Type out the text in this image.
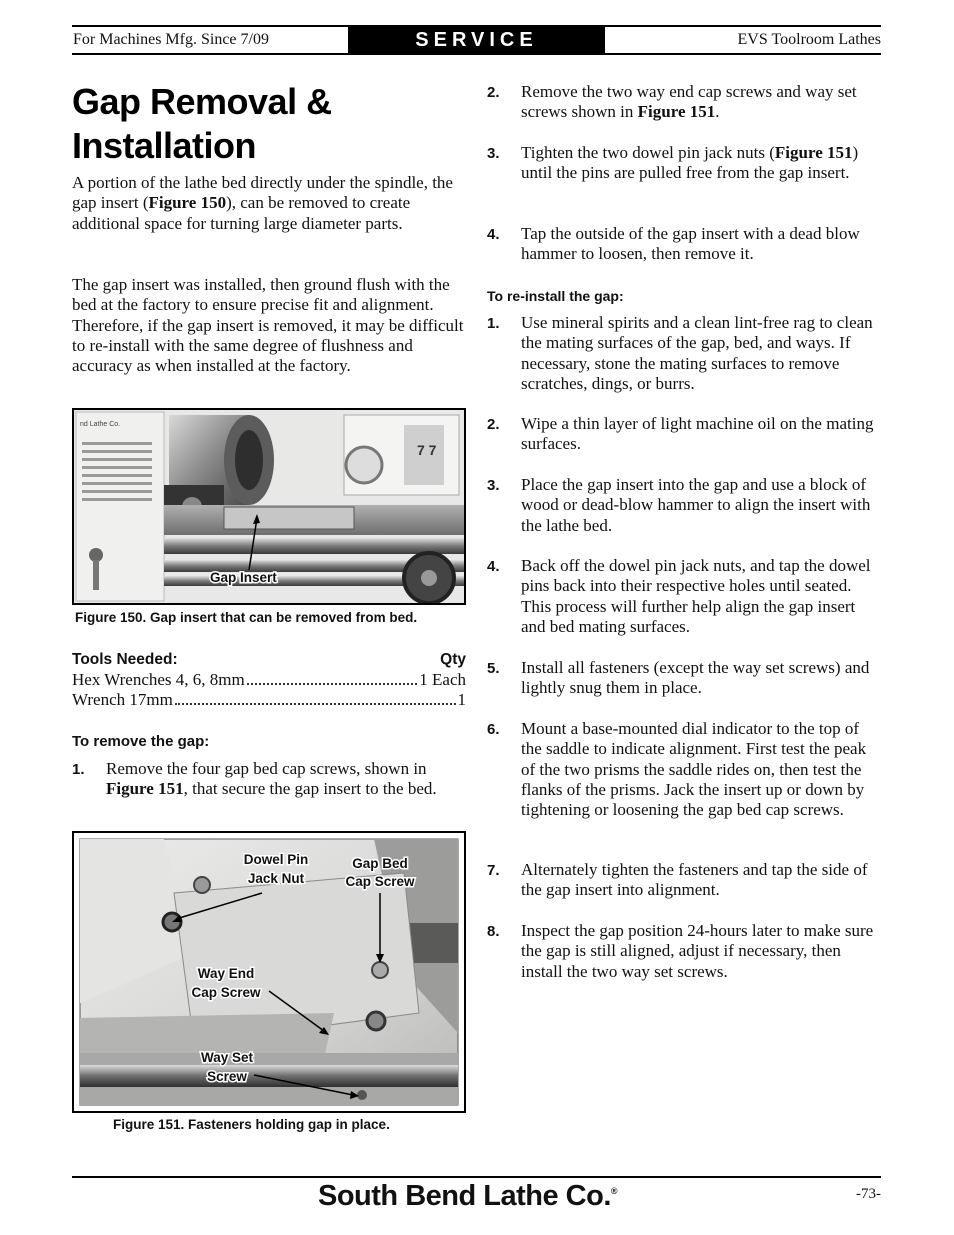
For Machines Mfg. Since 7/09	SERVICE	EVS Toolroom Lathes
Gap Removal & Installation

A portion of the lathe bed directly under the spindle, the gap insert (Figure 150), can be removed to create additional space for turning large diameter parts.

The gap insert was installed, then ground flush with the bed at the factory to ensure precise fit and alignment. Therefore, if the gap insert is removed, it may be difficult to re-install with the same degree of flushness and accuracy as when installed at the factory.

nd Lathe Co.
7 7
Gap Insert
Figure 150. Gap insert that can be removed from bed.
Tools Needed:	Qty
Hex Wrenches 4, 6, 8mm	1 Each
Wrench 17mm	1
To remove the gap:
1.	Remove the four gap bed cap screws, shown in Figure 151, that secure the gap insert to the bed.
Dowel Pin
Jack Nut
Gap Bed
Cap Screw
Way End
Cap Screw
Way Set
Screw
Figure 151. Fasteners holding gap in place.
2.	Remove the two way end cap screws and way set screws shown in Figure 151.
3.	Tighten the two dowel pin jack nuts (Figure 151) until the pins are pulled free from the gap insert.
4.	Tap the outside of the gap insert with a dead blow hammer to loosen, then remove it.
To re-install the gap:
1.	Use mineral spirits and a clean lint-free rag to clean the mating surfaces of the gap, bed, and ways. If necessary, stone the mating surfaces to remove scratches, dings, or burrs.
2.	Wipe a thin layer of light machine oil on the mating surfaces.
3.	Place the gap insert into the gap and use a block of wood or dead-blow hammer to align the insert with the lathe bed.
4.	Back off the dowel pin jack nuts, and tap the dowel pins back into their respective holes until seated. This process will further help align the gap insert and bed mating surfaces.
5.	Install all fasteners (except the way set screws) and lightly snug them in place.
6.	Mount a base-mounted dial indicator to the top of the saddle to indicate alignment. First test the peak of the two prisms the saddle rides on, then test the flanks of the prisms. Jack the insert up or down by tightening or loosening the gap bed cap screws.
7.	Alternately tighten the fasteners and tap the side of the gap insert into alignment.
8.	Inspect the gap position 24-hours later to make sure the gap is still aligned, adjust if necessary, then install the two way set screws.
South Bend Lathe Co.®	-73-
